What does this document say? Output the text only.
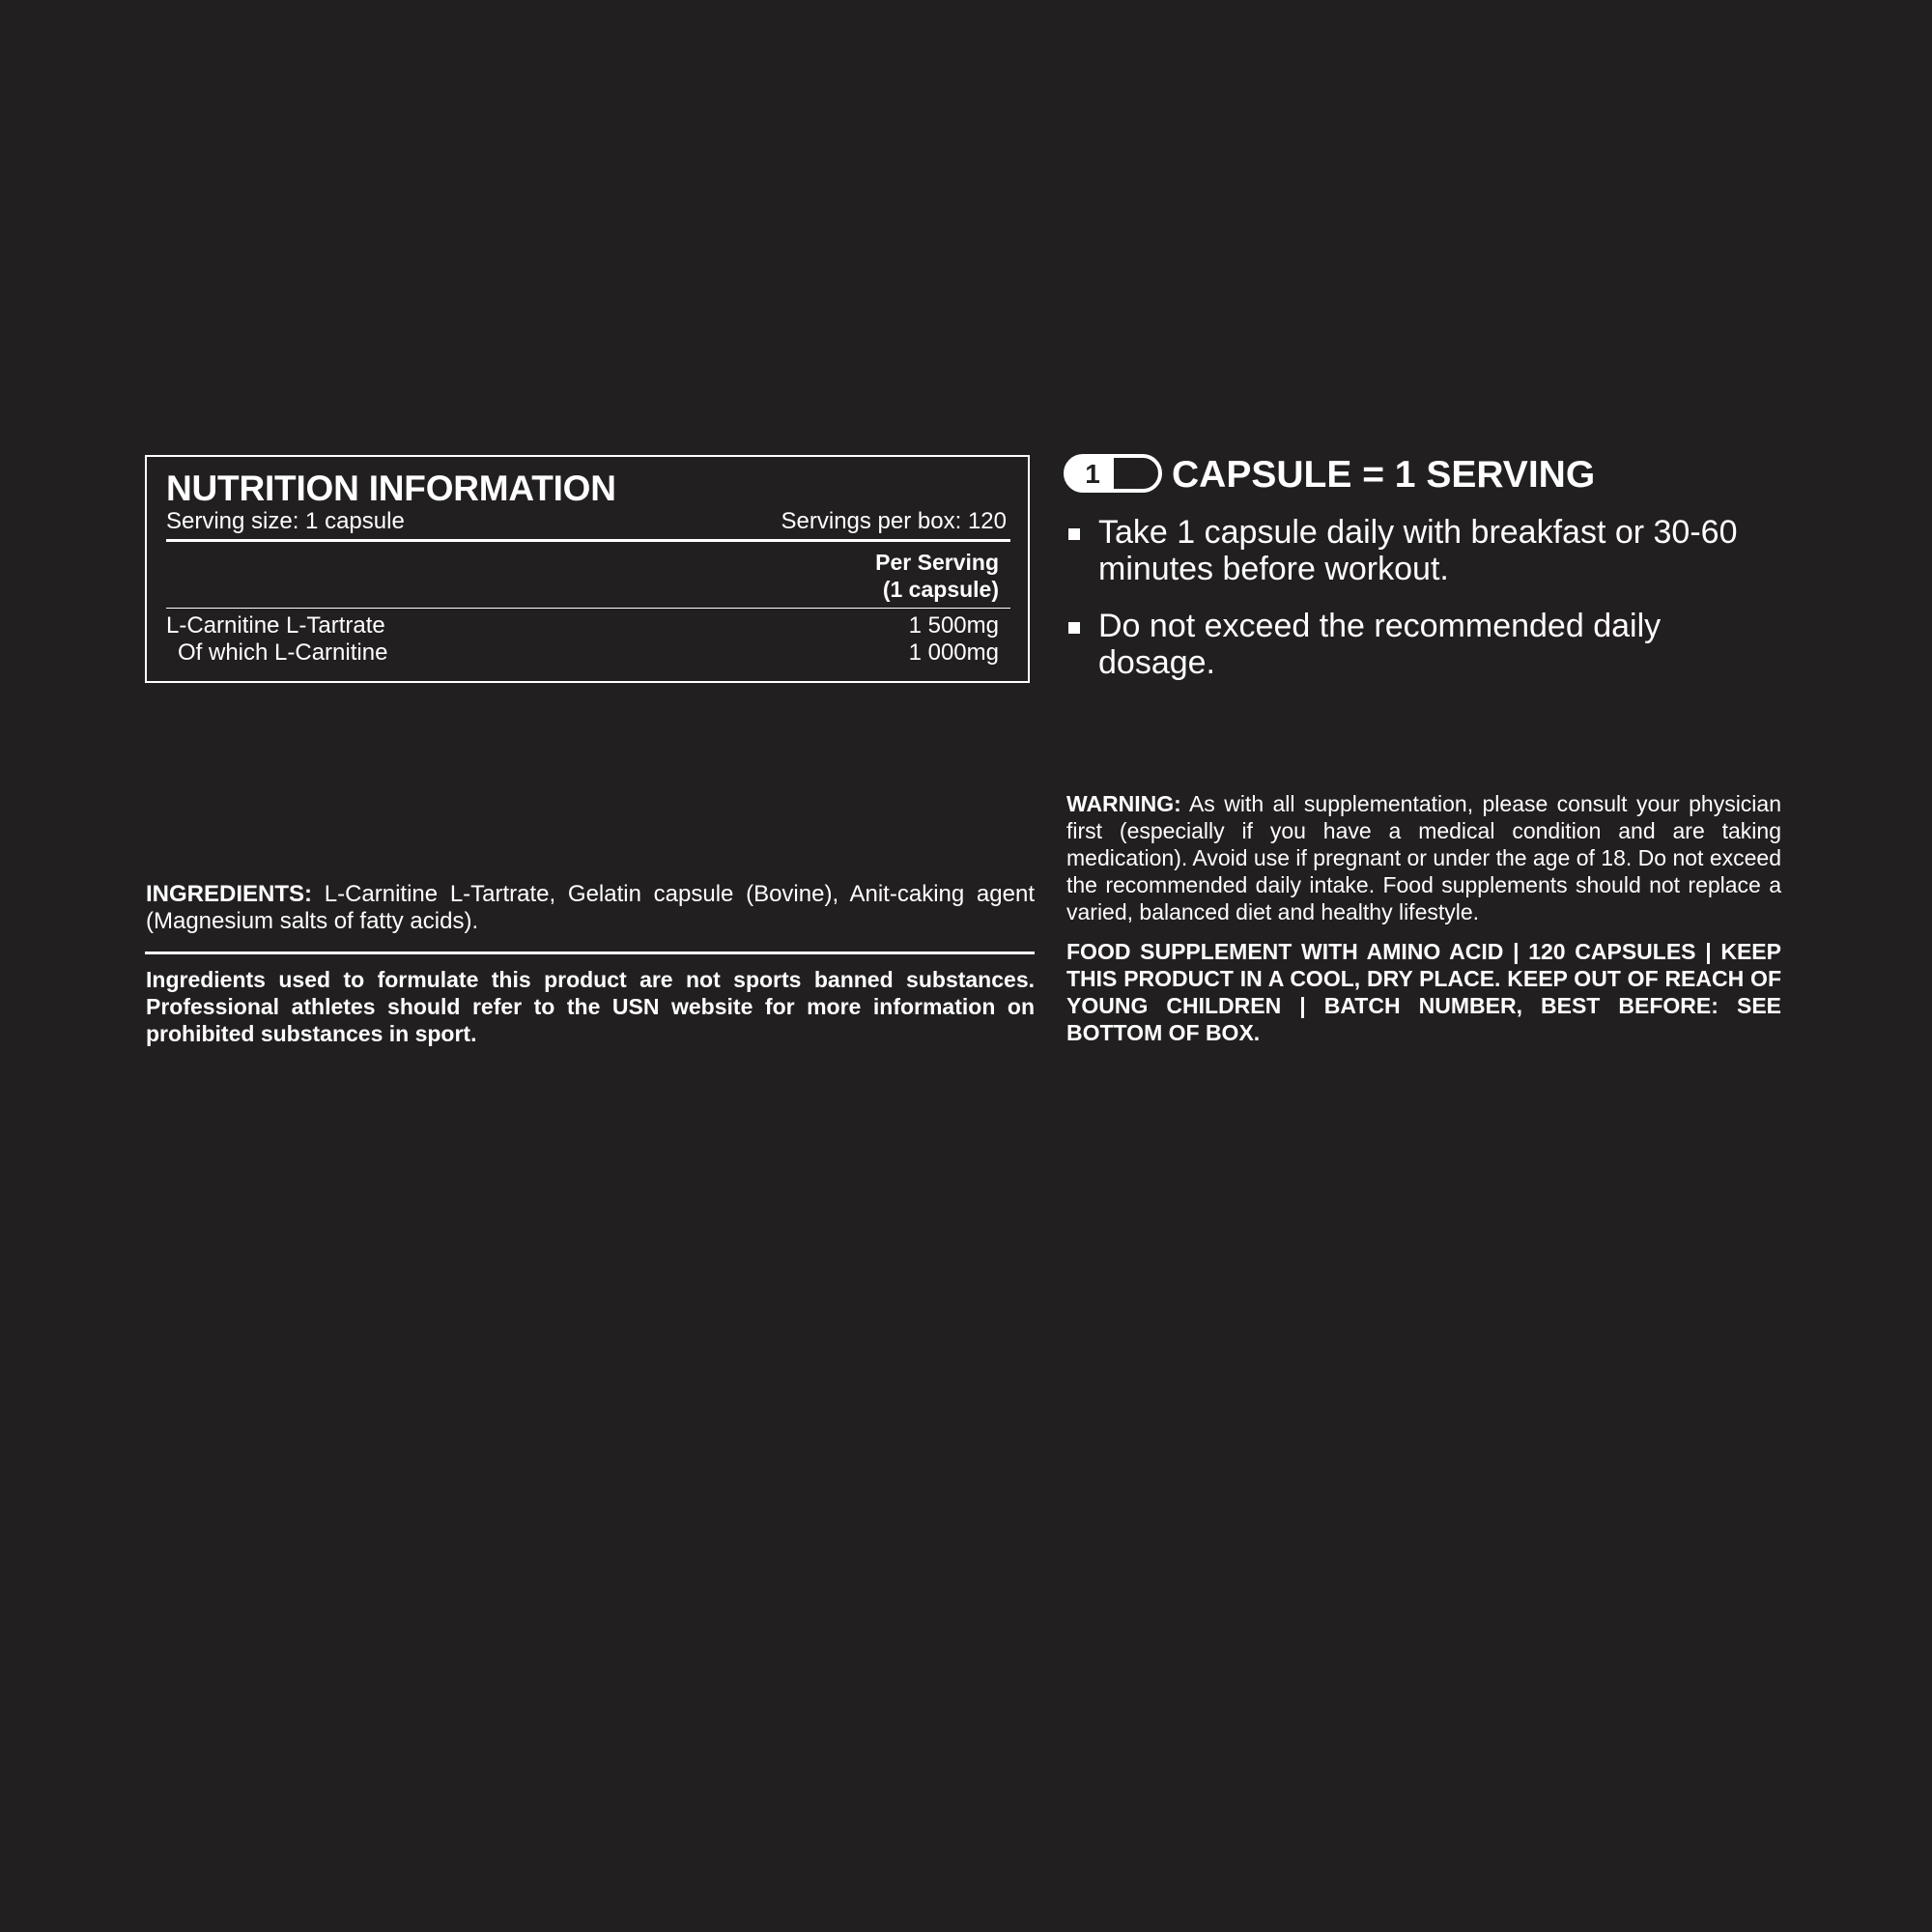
NUTRITION INFORMATION
Serving size: 1 capsule	Servings per box: 120
Per Serving
(1 capsule)
L-Carnitine L-Tartrate	1 500mg
Of which L-Carnitine	1 000mg
1 CAPSULE = 1 SERVING
Take 1 capsule daily with breakfast or 30-60 minutes before workout.
Do not exceed the recommended daily dosage.
WARNING: As with all supplementation, please consult your physician first (especially if you have a medical condition and are taking medication). Avoid use if pregnant or under the age of 18. Do not exceed the recommended daily intake. Food supplements should not replace a varied, balanced diet and healthy lifestyle.
FOOD SUPPLEMENT WITH AMINO ACID | 120 CAPSULES | KEEP THIS PRODUCT IN A COOL, DRY PLACE. KEEP OUT OF REACH OF YOUNG CHILDREN | BATCH NUMBER, BEST BEFORE: SEE BOTTOM OF BOX.
INGREDIENTS: L-Carnitine L-Tartrate, Gelatin capsule (Bovine), Anit-caking agent (Magnesium salts of fatty acids).
Ingredients used to formulate this product are not sports banned substances. Professional athletes should refer to the USN website for more information on prohibited substances in sport.
